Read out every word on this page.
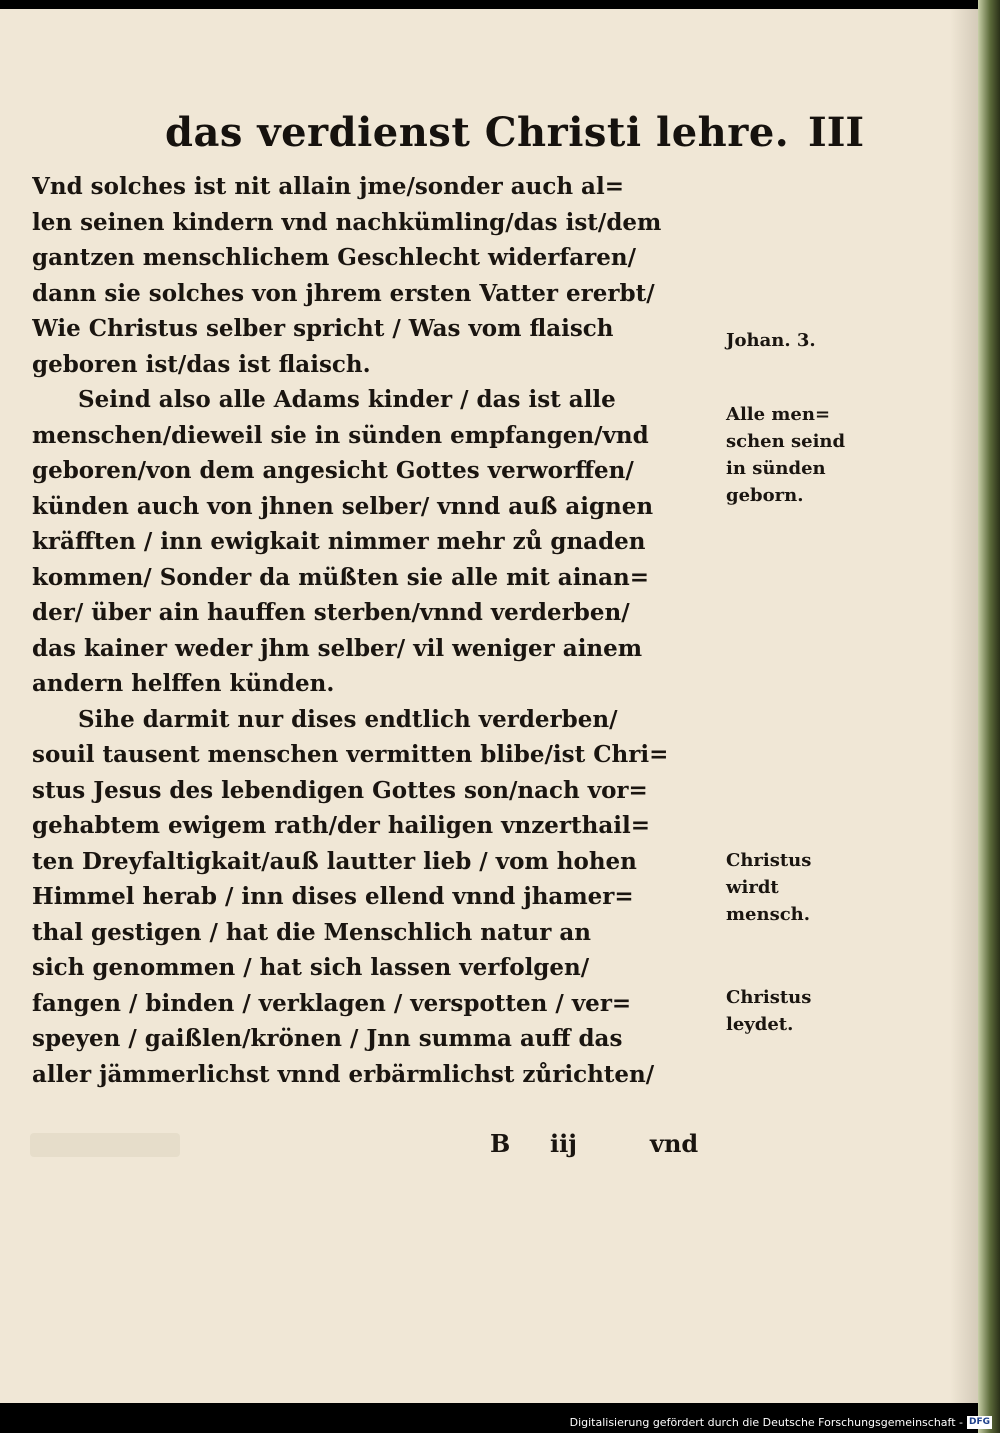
das verdienst Christi lehre. III
Vnd solches ist nit allain jme/sonder auch al=
len seinen kindern vnd nachkümling/das ist/dem
gantzen menschlichem Geschlecht widerfaren/
dann sie solches von jhrem ersten Vatter ererbt/
Wie Christus selber spricht / Was vom flaisch
geboren ist/das ist flaisch.
Seind also alle Adams kinder / das ist alle
menschen/dieweil sie in sünden empfangen/vnd
geboren/von dem angesicht Gottes verworffen/
künden auch von jhnen selber/ vnnd auß aignen
kräfften / inn ewigkait nimmer mehr zů gnaden
kommen/ Sonder da müßten sie alle mit ainan=
der/ über ain hauffen sterben/vnnd verderben/
das kainer weder jhm selber/ vil weniger ainem
andern helffen künden.
Sihe darmit nur dises endtlich verderben/
souil tausent menschen vermitten blibe/ist Chri=
stus Jesus des lebendigen Gottes son/nach vor=
gehabtem ewigem rath/der hailigen vnzerthail=
ten Dreyfaltigkait/auß lautter lieb / vom hohen
Himmel herab / inn dises ellend vnnd jhamer=
thal gestigen / hat die Menschlich natur an
sich genommen / hat sich lassen verfolgen/
fangen / binden / verklagen / verspotten / ver=
speyen / gaißlen/krönen / Jnn summa auff das
aller jämmerlichst vnnd erbärmlichst zůrichten/
Johan. 3.
Alle men=
schen seind
in sünden
geborn.
Christus
wirdt
mensch.
Christus
leydet.
B iij	vnd
Digitalisierung gefördert durch die Deutsche Forschungsgemeinschaft - DFG
